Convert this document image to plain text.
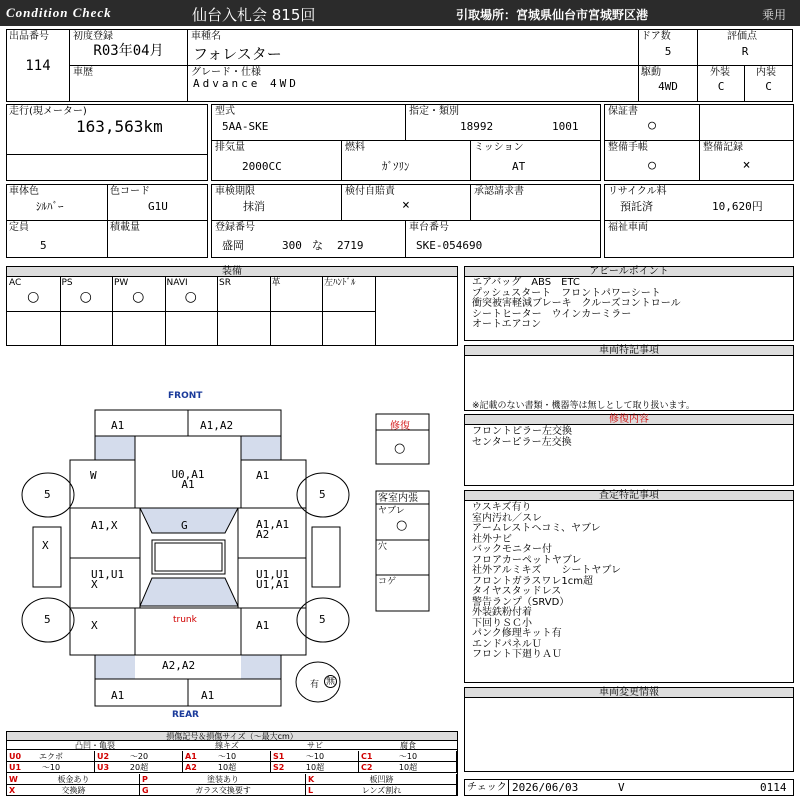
Condition Check	仙台入札会 815回	引取場所：宮城県仙台市宮城野区港	乗用
出品番号
114
初度登録
R03年04月
車種名
フォレスター
ドア数
5
評価点
R
車歴	グレード・仕様
Advance 4WD
駆動
4WD
外装
C
内装
C
走行(現メーター)
163,563km
型式
5AA-SKE
指定・類別
18992	1001
保証書
○
排気量
2000CC
燃料
ｶﾞｿﾘﾝ
ミッション
AT
整備手帳
○
整備記録
×
車体色
ｼﾙﾊﾞｰ
色コード
G1U
車検期限
抹消
検付自賠責
×
承認請求書	リサイクル料
預託済	10,620円
定員
5
積載量	登録番号
盛岡	300 な 2719
車台番号
SKE-054690
福祉車両
装備
AC
○
PS
○
PW
○
NAVI
○
SR	革	左ﾊﾝﾄﾞﾙ
アピールポイント
エアバッグ　ABS　ETC
プッシュスタート　フロントパワーシート
衝突被害軽減ブレーキ　クルーズコントロール
シートヒーター　ウインカーミラー
オートエアコン
車両特記事項
※記載のない書類・機器等は無しとして取り扱います。
修復内容
フロントピラー左交換
センターピラー左交換
査定特記事項
ウスキズ有り
室内汚れ／スレ
アームレストヘコミ、ヤブレ
社外ナビ
バックモニター付
フロアカーペットヤブレ
社外アルミキズ　　シートヤブレ
フロントガラスワレ1cm超
タイヤスタッドレス
警告ランプ（SRVD）
外装鉄粉付着
下回りＳＣ小
パンク修理キット有
エンドパネルＵ
フロント下廻りＡＵ
車両変更情報
チェック 2026/06/03	V	0114
FRONT
REAR
A1	A1,A2
U0,A1
A1
W	A1
A1,X	G	A1,A1
A2
X
U1,U1
X
U1,U1
U1,A1
X	A1
trunk
A2,A2
A1	A1
5	5
5	5
有 無
修復
○
客室内張
ヤブレ
○
穴
コゲ
損傷記号＆損傷サイズ（〜最大cm）
凸凹・亀裂	線キズ	サビ	腐食
U0	エクボ	U2	〜20	A1	〜10	S1	〜10	C1	〜10
U1	〜10	U3	20超	A2	10超	S2	10超	C2	10超
W	板金あり	P	塗装あり	K	板凹跡
X	交換跡	G	ガラス交換要す	L	レンズ割れ
